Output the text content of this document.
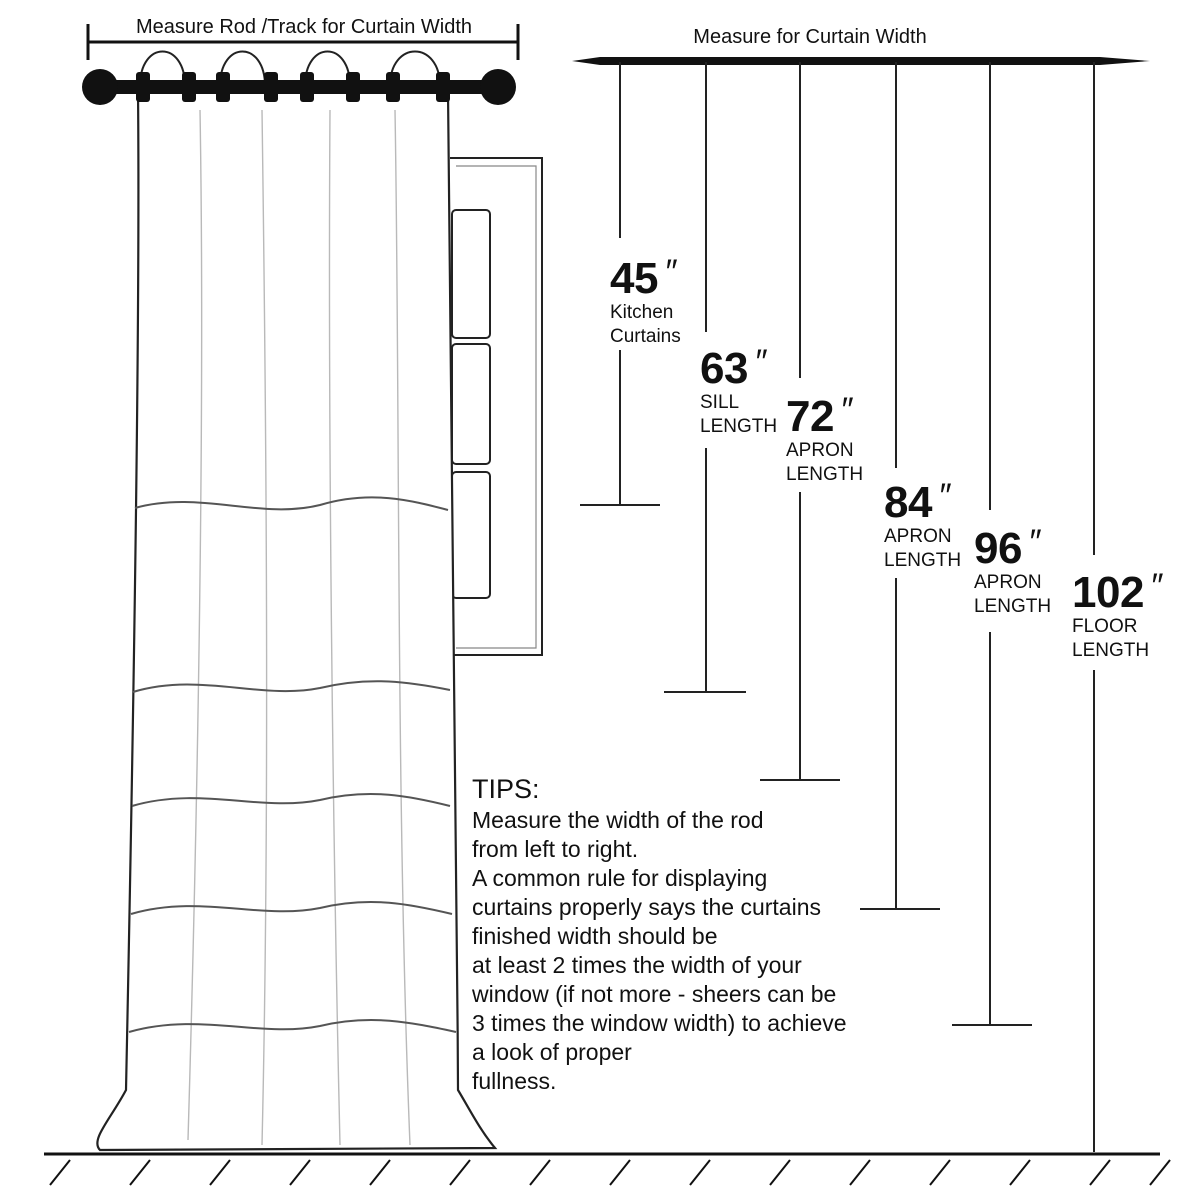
Measure Rod /Track for Curtain Width	Measure for Curtain Width
45 ″
Kitchen
Curtains
63 ″
SILL
LENGTH 72 ″
APRON
LENGTH
84 ″
APRON
LENGTH 96 ″
APRON
LENGTH 102 ″
FLOOR
LENGTH
TIPS:
Measure the width of the rod
from left to right.
A common rule for displaying
curtains properly says the curtains
finished width should be
at least 2 times the width of your
window (if not more - sheers can be
3 times the window width) to achieve
a look of proper
fullness.
